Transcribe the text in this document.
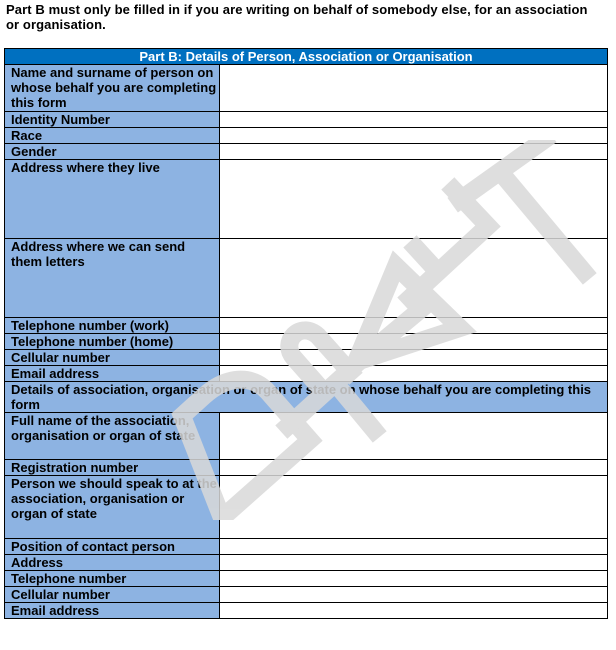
Part B must only be filled in if you are writing on behalf of somebody else, for an association or organisation.
Part B: Details of Person, Association or Organisation	
Name and surname of person on whose behalf you are completing this form	
Identity Number	
Race	
Gender	
Address where they live	
Address where we can send them letters	
Telephone number (work)	
Telephone number (home)	
Cellular number	
Email address	
Details of association, organisation or organ of state on whose behalf you are completing this form	
Full name of the association, organisation or organ of state	
Registration number	
Person we should speak to at the association, organisation or organ of state	
Position of contact person	
Address	
Telephone number	
Cellular number	
Email address	
